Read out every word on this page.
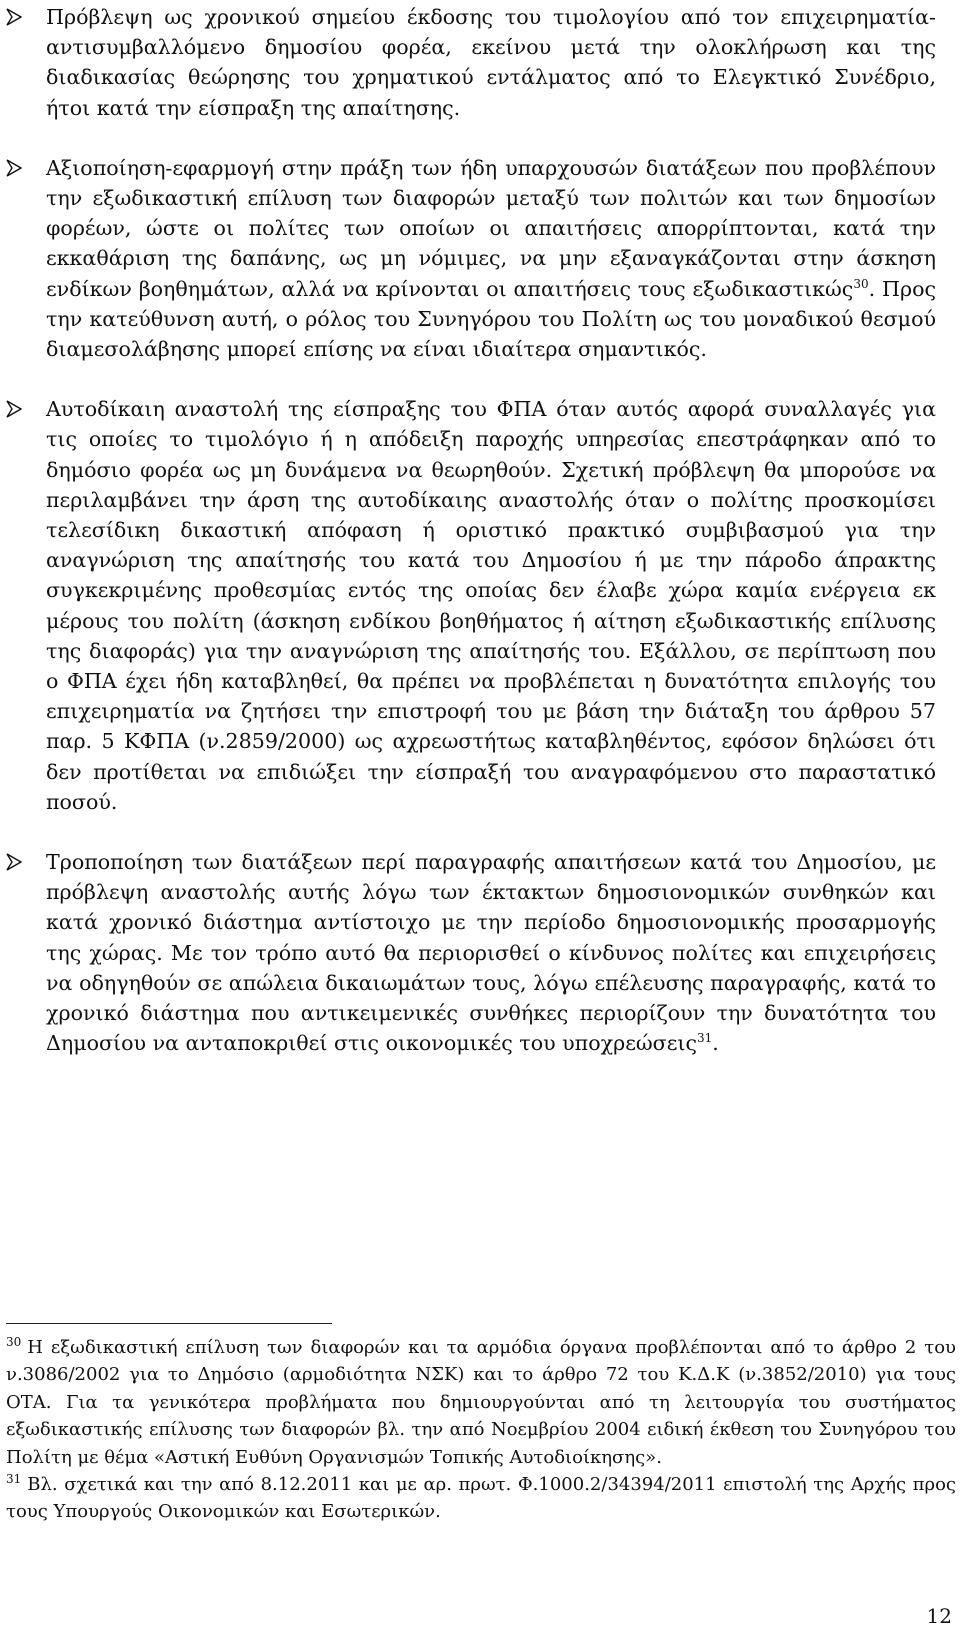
Πρόβλεψη ως χρονικού σημείου έκδοσης του τιμολογίου από τον επιχειρηματία-αντισυμβαλλόμενο δημοσίου φορέα, εκείνου μετά την ολοκλήρωση και της διαδικασίας θεώρησης του χρηματικού εντάλματος από το Ελεγκτικό Συνέδριο, ήτοι κατά την είσπραξη της απαίτησης.
Αξιοποίηση-εφαρμογή στην πράξη των ήδη υπαρχουσών διατάξεων που προβλέπουν την εξωδικαστική επίλυση των διαφορών μεταξύ των πολιτών και των δημοσίων φορέων, ώστε οι πολίτες των οποίων οι απαιτήσεις απορρίπτονται, κατά την εκκαθάριση της δαπάνης, ως μη νόμιμες, να μην εξαναγκάζονται στην άσκηση ενδίκων βοηθημάτων, αλλά να κρίνονται οι απαιτήσεις τους εξωδικαστικώς$^{30}$. Προς την κατεύθυνση αυτή, ο ρόλος του Συνηγόρου του Πολίτη ως του μοναδικού θεσμού διαμεσολάβησης μπορεί επίσης να είναι ιδιαίτερα σημαντικός.
Αυτοδίκαιη αναστολή της είσπραξης του ΦΠΑ όταν αυτός αφορά συναλλαγές για τις οποίες το τιμολόγιο ή η απόδειξη παροχής υπηρεσίας επεστράφηκαν από το δημόσιο φορέα ως μη δυνάμενα να θεωρηθούν. Σχετική πρόβλεψη θα μπορούσε να περιλαμβάνει την άρση της αυτοδίκαιης αναστολής όταν ο πολίτης προσκομίσει τελεσίδικη δικαστική απόφαση ή οριστικό πρακτικό συμβιβασμού για την αναγνώριση της απαίτησής του κατά του Δημοσίου ή με την πάροδο άπρακτης συγκεκριμένης προθεσμίας εντός της οποίας δεν έλαβε χώρα καμία ενέργεια εκ μέρους του πολίτη (άσκηση ενδίκου βοηθήματος ή αίτηση εξωδικαστικής επίλυσης της διαφοράς) για την αναγνώριση της απαίτησής του. Εξάλλου, σε περίπτωση που ο ΦΠΑ έχει ήδη καταβληθεί, θα πρέπει να προβλέπεται η δυνατότητα επιλογής του επιχειρηματία να ζητήσει την επιστροφή του με βάση την διάταξη του άρθρου 57 παρ. 5 ΚΦΠΑ (ν.2859/2000) ως αχρεωστήτως καταβληθέντος, εφόσον δηλώσει ότι δεν προτίθεται να επιδιώξει την είσπραξή του αναγραφόμενου στο παραστατικό ποσού.
Τροποποίηση των διατάξεων περί παραγραφής απαιτήσεων κατά του Δημοσίου, με πρόβλεψη αναστολής αυτής λόγω των έκτακτων δημοσιονομικών συνθηκών και κατά χρονικό διάστημα αντίστοιχο με την περίοδο δημοσιονομικής προσαρμογής της χώρας. Με τον τρόπο αυτό θα περιορισθεί ο κίνδυνος πολίτες και επιχειρήσεις να οδηγηθούν σε απώλεια δικαιωμάτων τους, λόγω επέλευσης παραγραφής, κατά το χρονικό διάστημα που αντικειμενικές συνθήκες περιορίζουν την δυνατότητα του Δημοσίου να ανταποκριθεί στις οικονομικές του υποχρεώσεις$^{31}$.

$^{30}$ Η εξωδικαστική επίλυση των διαφορών και τα αρμόδια όργανα προβλέπονται από το άρθρο 2 του ν.3086/2002 για το Δημόσιο (αρμοδιότητα ΝΣΚ) και το άρθρο 72 του Κ.Δ.Κ (ν.3852/2010) για τους ΟΤΑ. Για τα γενικότερα προβλήματα που δημιουργούνται από τη λειτουργία του συστήματος εξωδικαστικής επίλυσης των διαφορών βλ. την από Νοεμβρίου 2004 ειδική έκθεση του Συνηγόρου του Πολίτη με θέμα «Αστική Ευθύνη Οργανισμών Τοπικής Αυτοδιοίκησης».

$^{31}$ Βλ. σχετικά και την από 8.12.2011 και με αρ. πρωτ. Φ.1000.2/34394/2011 επιστολή της Αρχής προς τους Υπουργούς Οικονομικών και Εσωτερικών.

12
